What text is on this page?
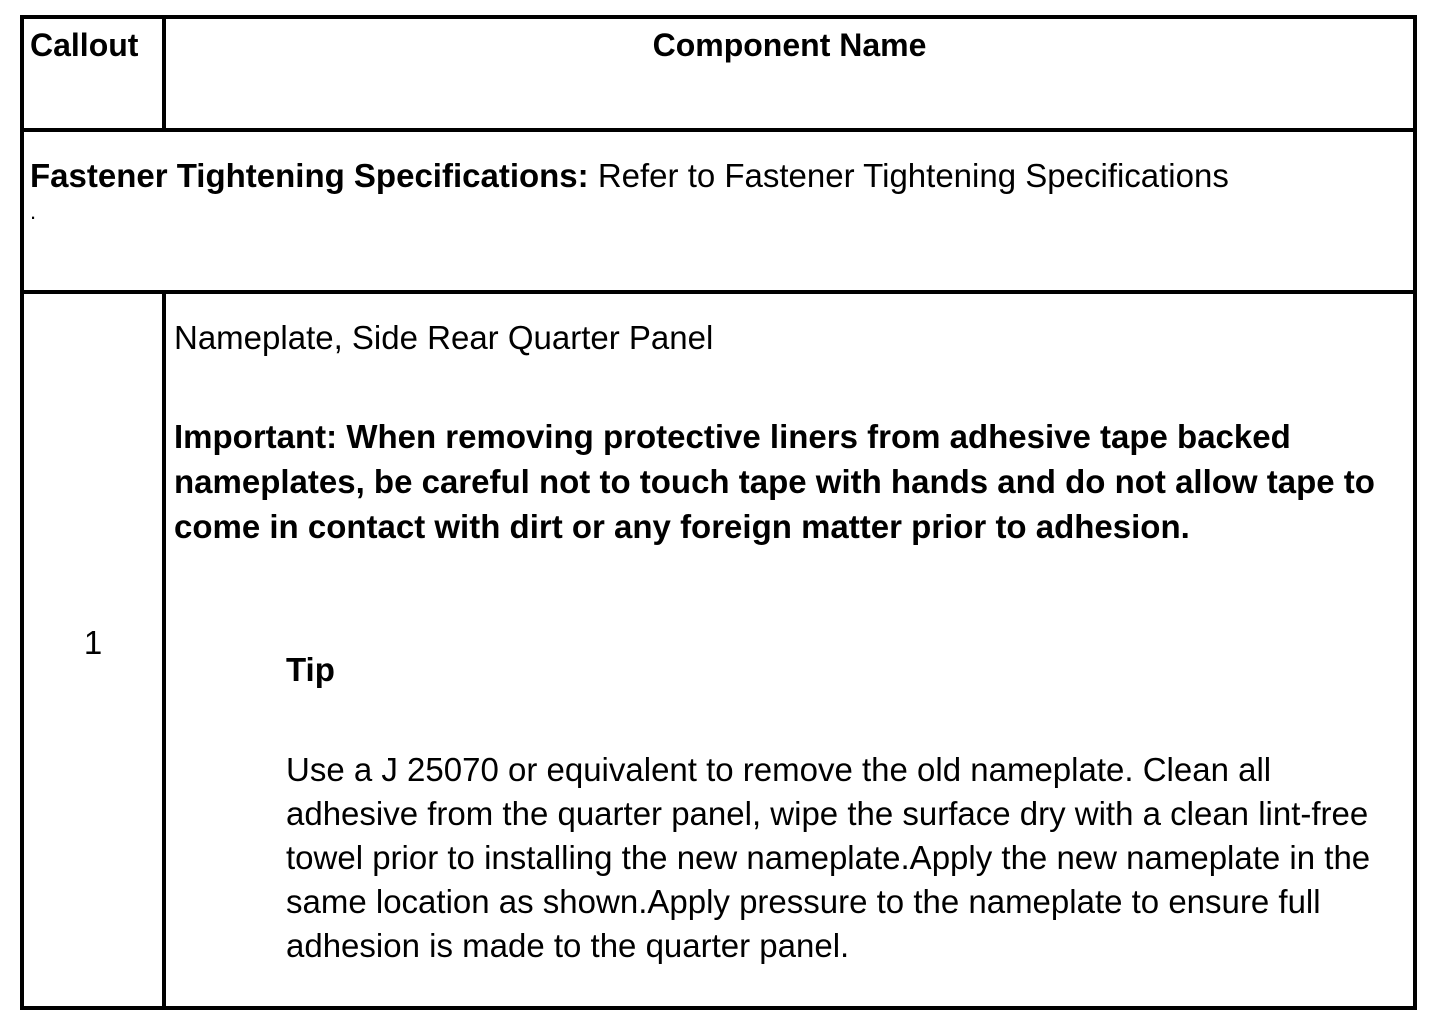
Callout	Component Name
Fastener Tightening Specifications: Refer to Fastener Tightening Specifications
.
1
Nameplate, Side Rear Quarter Panel
Important: When removing protective liners from adhesive tape backed nameplates, be careful not to touch tape with hands and do not allow tape to come in contact with dirt or any foreign matter prior to adhesion.
Tip
Use a J 25070 or equivalent to remove the old nameplate. Clean all adhesive from the quarter panel, wipe the surface dry with a clean lint-free towel prior to installing the new nameplate.Apply the new nameplate in the same location as shown.Apply pressure to the nameplate to ensure full adhesion is made to the quarter panel.
